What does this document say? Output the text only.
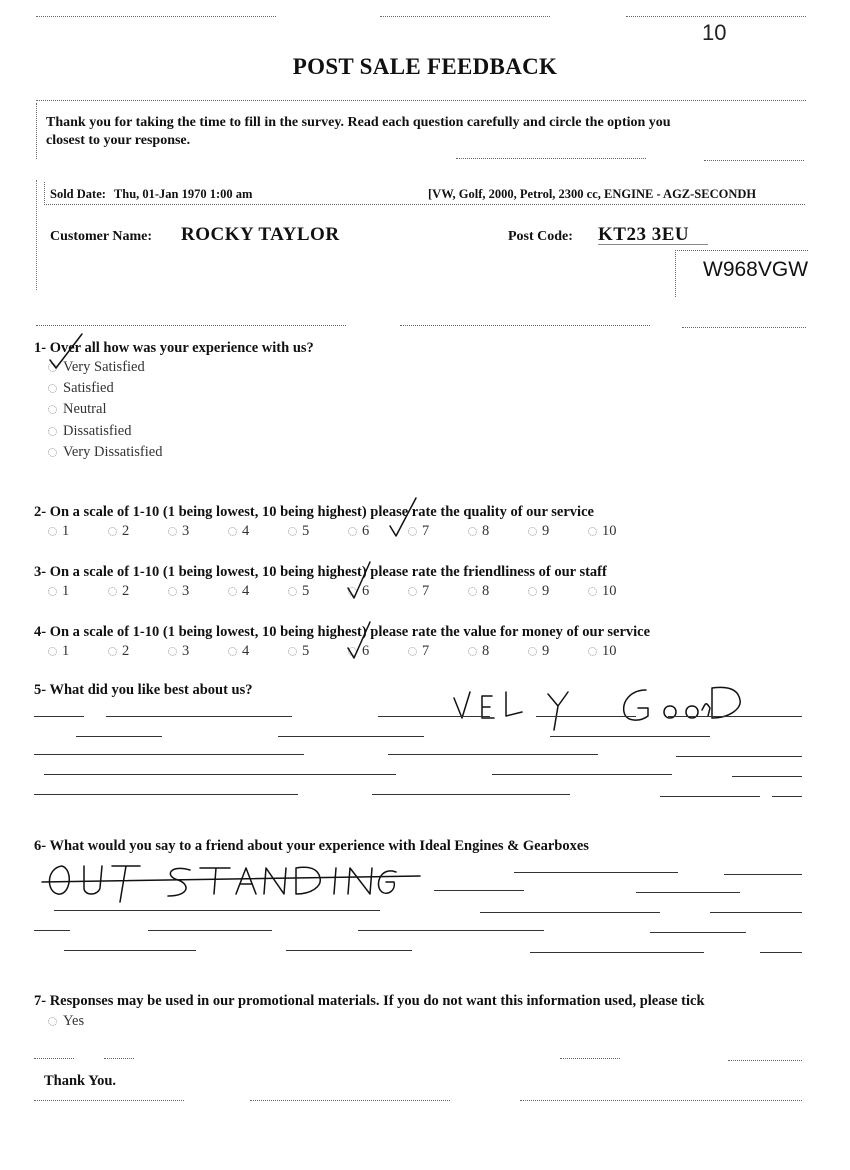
10
POST SALE FEEDBACK
Thank you for taking the time to fill in the survey. Read each question carefully and circle the option you
closest to your response.
Sold Date: Thu, 01-Jan 1970 1:00 am	[VW, Golf, 2000, Petrol, 2300 cc, ENGINE - AGZ-SECONDH
Customer Name: ROCKY TAYLOR	Post Code: KT23 3EU
W968VGW
1- Over all how was your experience with us?
Very Satisfied
Satisfied
Neutral
Dissatisfied
Very Dissatisfied
2- On a scale of 1-10 (1 being lowest, 10 being highest) please rate the quality of our service
1	2	3	4	5	6	7	8	9	10
3- On a scale of 1-10 (1 being lowest, 10 being highest) please rate the friendliness of our staff
1	2	3	4	5	6	7	8	9	10
4- On a scale of 1-10 (1 being lowest, 10 being highest) please rate the value for money of our service
1	2	3	4	5	6	7	8	9	10
5- What did you like best about us?
6- What would you say to a friend about your experience with Ideal Engines & Gearboxes
7- Responses may be used in our promotional materials. If you do not want this information used, please tick
Yes
Thank You.
